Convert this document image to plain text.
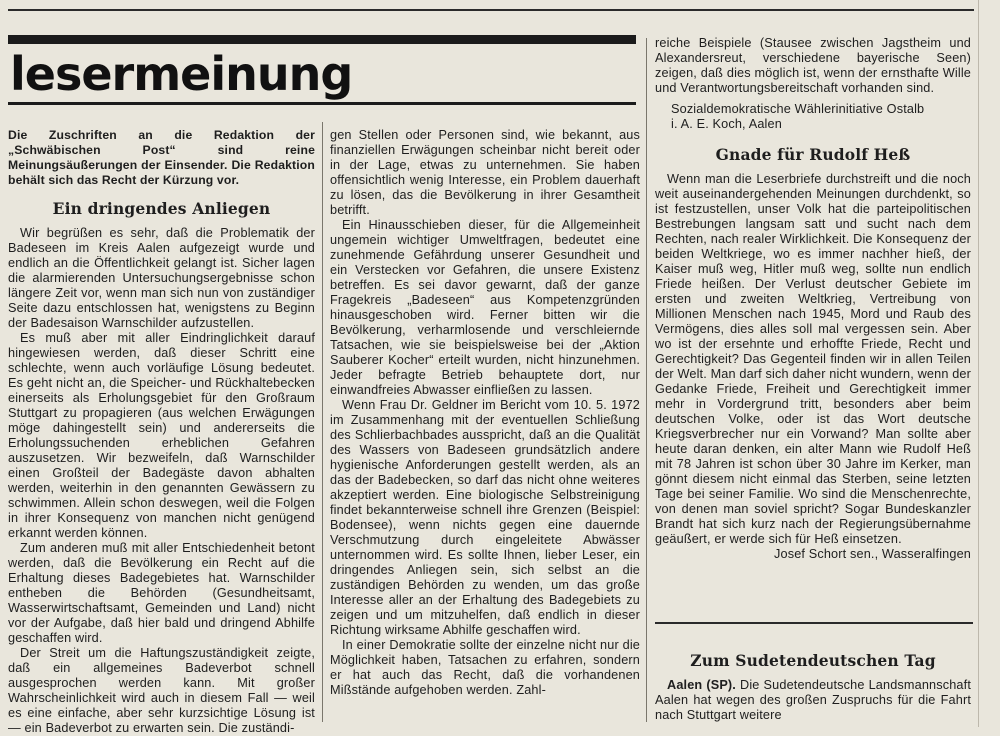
lesermeinung

Die Zuschriften an die Redaktion der „Schwäbischen Post“ sind reine Meinungsäußerungen der Einsender. Die Redaktion behält sich das Recht der Kürzung vor.

Ein dringendes Anliegen

Wir begrüßen es sehr, daß die Problematik der Badeseen im Kreis Aalen aufgezeigt wurde und endlich an die Öffentlichkeit gelangt ist. Sicher lagen die alarmierenden Untersuchungsergebnisse schon längere Zeit vor, wenn man sich nun von zuständiger Seite dazu entschlossen hat, wenigstens zu Beginn der Badesaison Warnschilder aufzustellen.

Es muß aber mit aller Eindringlichkeit darauf hingewiesen werden, daß dieser Schritt eine schlechte, wenn auch vorläufige Lösung bedeutet. Es geht nicht an, die Speicher- und Rückhaltebecken einerseits als Erholungsgebiet für den Großraum Stuttgart zu propagieren (aus welchen Erwägungen möge dahingestellt sein) und andererseits die Erholungssuchenden erheblichen Gefahren auszusetzen. Wir bezweifeln, daß Warnschilder einen Großteil der Badegäste davon abhalten werden, weiterhin in den genannten Gewässern zu schwimmen. Allein schon deswegen, weil die Folgen in ihrer Konsequenz von manchen nicht genügend erkannt werden können.

Zum anderen muß mit aller Entschiedenheit betont werden, daß die Bevölkerung ein Recht auf die Erhaltung dieses Badegebietes hat. Warnschilder entheben die Behörden (Gesundheitsamt, Wasserwirtschaftsamt, Gemeinden und Land) nicht vor der Aufgabe, daß hier bald und dringend Abhilfe geschaffen wird.

Der Streit um die Haftungszuständigkeit zeigte, daß ein allgemeines Badeverbot schnell ausgesprochen werden kann. Mit großer Wahrscheinlichkeit wird auch in diesem Fall — weil es eine einfache, aber sehr kurzsichtige Lösung ist — ein Badeverbot zu erwarten sein. Die zuständi-

gen Stellen oder Personen sind, wie bekannt, aus finanziellen Erwägungen scheinbar nicht bereit oder in der Lage, etwas zu unternehmen. Sie haben offensichtlich wenig Interesse, ein Problem dauerhaft zu lösen, das die Bevölkerung in ihrer Gesamtheit betrifft.

Ein Hinausschieben dieser, für die Allgemeinheit ungemein wichtiger Umweltfragen, bedeutet eine zunehmende Gefährdung unserer Gesundheit und ein Verstecken vor Gefahren, die unsere Existenz betreffen. Es sei davor gewarnt, daß der ganze Fragekreis „Badeseen“ aus Kompetenzgründen hinausgeschoben wird. Ferner bitten wir die Bevölkerung, verharmlosende und verschleiernde Tatsachen, wie sie beispielsweise bei der „Aktion Sauberer Kocher“ erteilt wurden, nicht hinzunehmen. Jeder befragte Betrieb behauptete dort, nur einwandfreies Abwasser einfließen zu lassen.

Wenn Frau Dr. Geldner im Bericht vom 10. 5. 1972 im Zusammenhang mit der eventuellen Schließung des Schlierbachbades ausspricht, daß an die Qualität des Wassers von Badeseen grundsätzlich andere hygienische Anforderungen gestellt werden, als an das der Badebecken, so darf das nicht ohne weiteres akzeptiert werden. Eine biologische Selbstreinigung findet bekannterweise schnell ihre Grenzen (Beispiel: Bodensee), wenn nichts gegen eine dauernde Verschmutzung durch eingeleitete Abwässer unternommen wird. Es sollte Ihnen, lieber Leser, ein dringendes Anliegen sein, sich selbst an die zuständigen Behörden zu wenden, um das große Interesse aller an der Erhaltung des Badegebiets zu zeigen und um mitzuhelfen, daß endlich in dieser Richtung wirksame Abhilfe geschaffen wird.

In einer Demokratie sollte der einzelne nicht nur die Möglichkeit haben, Tatsachen zu erfahren, sondern er hat auch das Recht, daß die vorhandenen Mißstände aufgehoben werden. Zahl-

reiche Beispiele (Stausee zwischen Jagstheim und Alexandersreut, verschiedene bayerische Seen) zeigen, daß dies möglich ist, wenn der ernsthafte Wille und Verantwortungsbereitschaft vorhanden sind.

Sozialdemokratische Wählerinitiative Ostalb

i. A. E. Koch, Aalen

Gnade für Rudolf Heß

Wenn man die Leserbriefe durchstreift und die noch weit auseinandergehenden Meinungen durchdenkt, so ist festzustellen, unser Volk hat die parteipolitischen Bestrebungen langsam satt und sucht nach dem Rechten, nach realer Wirklichkeit. Die Konsequenz der beiden Weltkriege, wo es immer nachher hieß, der Kaiser muß weg, Hitler muß weg, sollte nun endlich Friede heißen. Der Verlust deutscher Gebiete im ersten und zweiten Weltkrieg, Vertreibung von Millionen Menschen nach 1945, Mord und Raub des Vermögens, dies alles soll mal vergessen sein. Aber wo ist der ersehnte und erhoffte Friede, Recht und Gerechtigkeit? Das Gegenteil finden wir in allen Teilen der Welt. Man darf sich daher nicht wundern, wenn der Gedanke Friede, Freiheit und Gerechtigkeit immer mehr in Vordergrund tritt, besonders aber beim deutschen Volke, oder ist das Wort deutsche Kriegsverbrecher nur ein Vorwand? Man sollte aber heute daran denken, ein alter Mann wie Rudolf Heß mit 78 Jahren ist schon über 30 Jahre im Kerker, man gönnt diesem nicht einmal das Sterben, seine letzten Tage bei seiner Familie. Wo sind die Menschenrechte, von denen man soviel spricht? Sogar Bundeskanzler Brandt hat sich kurz nach der Regierungsübernahme geäußert, er werde sich für Heß einsetzen.

Josef Schort sen., Wasseralfingen

Zum Sudetendeutschen Tag

Aalen (SP). Die Sudetendeutsche Landsmannschaft Aalen hat wegen des großen Zuspruchs für die Fahrt nach Stuttgart weitere
